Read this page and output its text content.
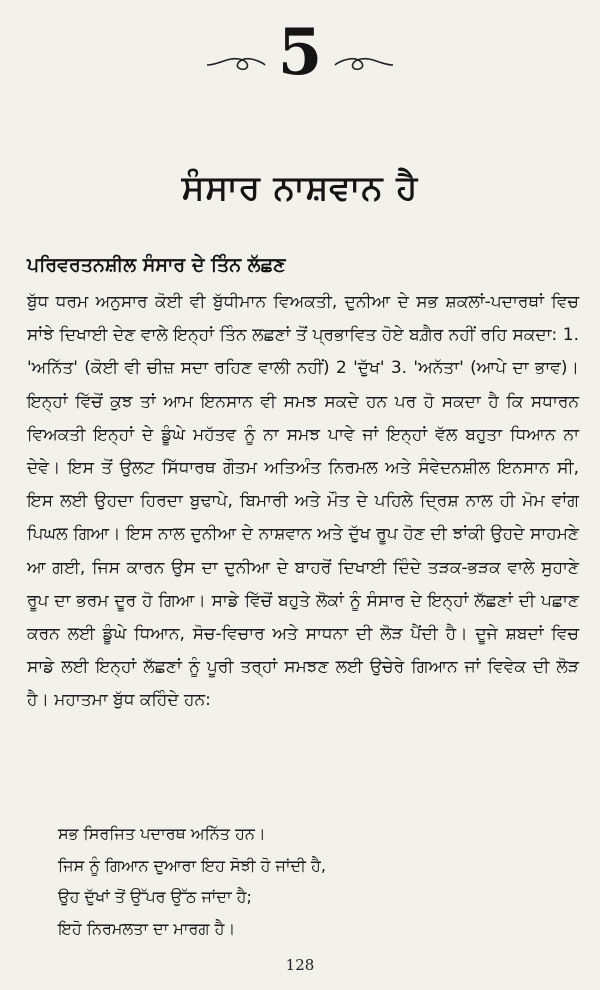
5
ਸੰਸਾਰ ਨਾਸ਼ਵਾਨ ਹੈ
ਪਰਿਵਰਤਨਸ਼ੀਲ ਸੰਸਾਰ ਦੇ ਤਿੰਨ ਲੱਛਣ

ਬੁੱਧ ਧਰਮ ਅਨੁਸਾਰ ਕੋਈ ਵੀ ਬੁੱਧੀਮਾਨ ਵਿਅਕਤੀ, ਦੁਨੀਆ ਦੇ ਸਭ ਸ਼ਕਲਾਂ-ਪਦਾਰਥਾਂ ਵਿਚ ਸਾਂਝੇ ਦਿਖਾਈ ਦੇਣ ਵਾਲੇ ਇਨ੍ਹਾਂ ਤਿੰਨ ਲਛਣਾਂ ਤੋਂ ਪ੍ਰਭਾਵਿਤ ਹੋਏ ਬਗ਼ੈਰ ਨਹੀਂ ਰਹਿ ਸਕਦਾ: 1. 'ਅਨਿੱਤ' (ਕੋਈ ਵੀ ਚੀਜ਼ ਸਦਾ ਰਹਿਣ ਵਾਲੀ ਨਹੀਂ) 2 'ਦੁੱਖ' 3. 'ਅਨੱਤਾ' (ਆਪੇ ਦਾ ਭਾਵ)। ਇਨ੍ਹਾਂ ਵਿੱਚੋਂ ਕੁਝ ਤਾਂ ਆਮ ਇਨਸਾਨ ਵੀ ਸਮਝ ਸਕਦੇ ਹਨ ਪਰ ਹੋ ਸਕਦਾ ਹੈ ਕਿ ਸਧਾਰਨ ਵਿਅਕਤੀ ਇਨ੍ਹਾਂ ਦੇ ਡੂੰਘੇ ਮਹੱਤਵ ਨੂੰ ਨਾ ਸਮਝ ਪਾਵੇ ਜਾਂ ਇਨ੍ਹਾਂ ਵੱਲ ਬਹੁਤਾ ਧਿਆਨ ਨਾ ਦੇਵੇ। ਇਸ ਤੋਂ ਉਲਟ ਸਿੱਧਾਰਥ ਗੌਤਮ ਅਤਿਅੰਤ ਨਿਰਮਲ ਅਤੇ ਸੰਵੇਦਨਸ਼ੀਲ ਇਨਸਾਨ ਸੀ, ਇਸ ਲਈ ਉਹਦਾ ਹਿਰਦਾ ਬੁਢਾਪੇ, ਬਿਮਾਰੀ ਅਤੇ ਮੌਤ ਦੇ ਪਹਿਲੇ ਦ੍ਰਿਸ਼ ਨਾਲ ਹੀ ਮੋਮ ਵਾਂਗ ਪਿਘਲ ਗਿਆ। ਇਸ ਨਾਲ ਦੁਨੀਆ ਦੇ ਨਾਸ਼ਵਾਨ ਅਤੇ ਦੁੱਖ ਰੂਪ ਹੋਣ ਦੀ ਝਾਂਕੀ ਉਹਦੇ ਸਾਹਮਣੇ ਆ ਗਈ, ਜਿਸ ਕਾਰਨ ਉਸ ਦਾ ਦੁਨੀਆ ਦੇ ਬਾਹਰੋਂ ਦਿਖਾਈ ਦਿੰਦੇ ਤੜਕ-ਭੜਕ ਵਾਲੇ ਸੁਹਾਣੇ ਰੂਪ ਦਾ ਭਰਮ ਦੂਰ ਹੋ ਗਿਆ। ਸਾਡੇ ਵਿੱਚੋਂ ਬਹੁਤੇ ਲੋਕਾਂ ਨੂੰ ਸੰਸਾਰ ਦੇ ਇਨ੍ਹਾਂ ਲੱਛਣਾਂ ਦੀ ਪਛਾਣ ਕਰਨ ਲਈ ਡੂੰਘੇ ਧਿਆਨ, ਸੋਚ-ਵਿਚਾਰ ਅਤੇ ਸਾਧਨਾ ਦੀ ਲੋੜ ਪੈਂਦੀ ਹੈ। ਦੂਜੇ ਸ਼ਬਦਾਂ ਵਿਚ ਸਾਡੇ ਲਈ ਇਨ੍ਹਾਂ ਲੱਛਣਾਂ ਨੂੰ ਪੂਰੀ ਤਰ੍ਹਾਂ ਸਮਝਣ ਲਈ ਉਚੇਰੇ ਗਿਆਨ ਜਾਂ ਵਿਵੇਕ ਦੀ ਲੋੜ ਹੈ। ਮਹਾਤਮਾ ਬੁੱਧ ਕਹਿੰਦੇ ਹਨ:

ਸਭ ਸਿਰਜਿਤ ਪਦਾਰਥ ਅਨਿੱਤ ਹਨ।
ਜਿਸ ਨੂੰ ਗਿਆਨ ਦੁਆਰਾ ਇਹ ਸੋਝੀ ਹੋ ਜਾਂਦੀ ਹੈ,
ਉਹ ਦੁੱਖਾਂ ਤੋਂ ਉੱਪਰ ਉੱਠ ਜਾਂਦਾ ਹੈ;
ਇਹੋ ਨਿਰਮਲਤਾ ਦਾ ਮਾਰਗ ਹੈ।
128
